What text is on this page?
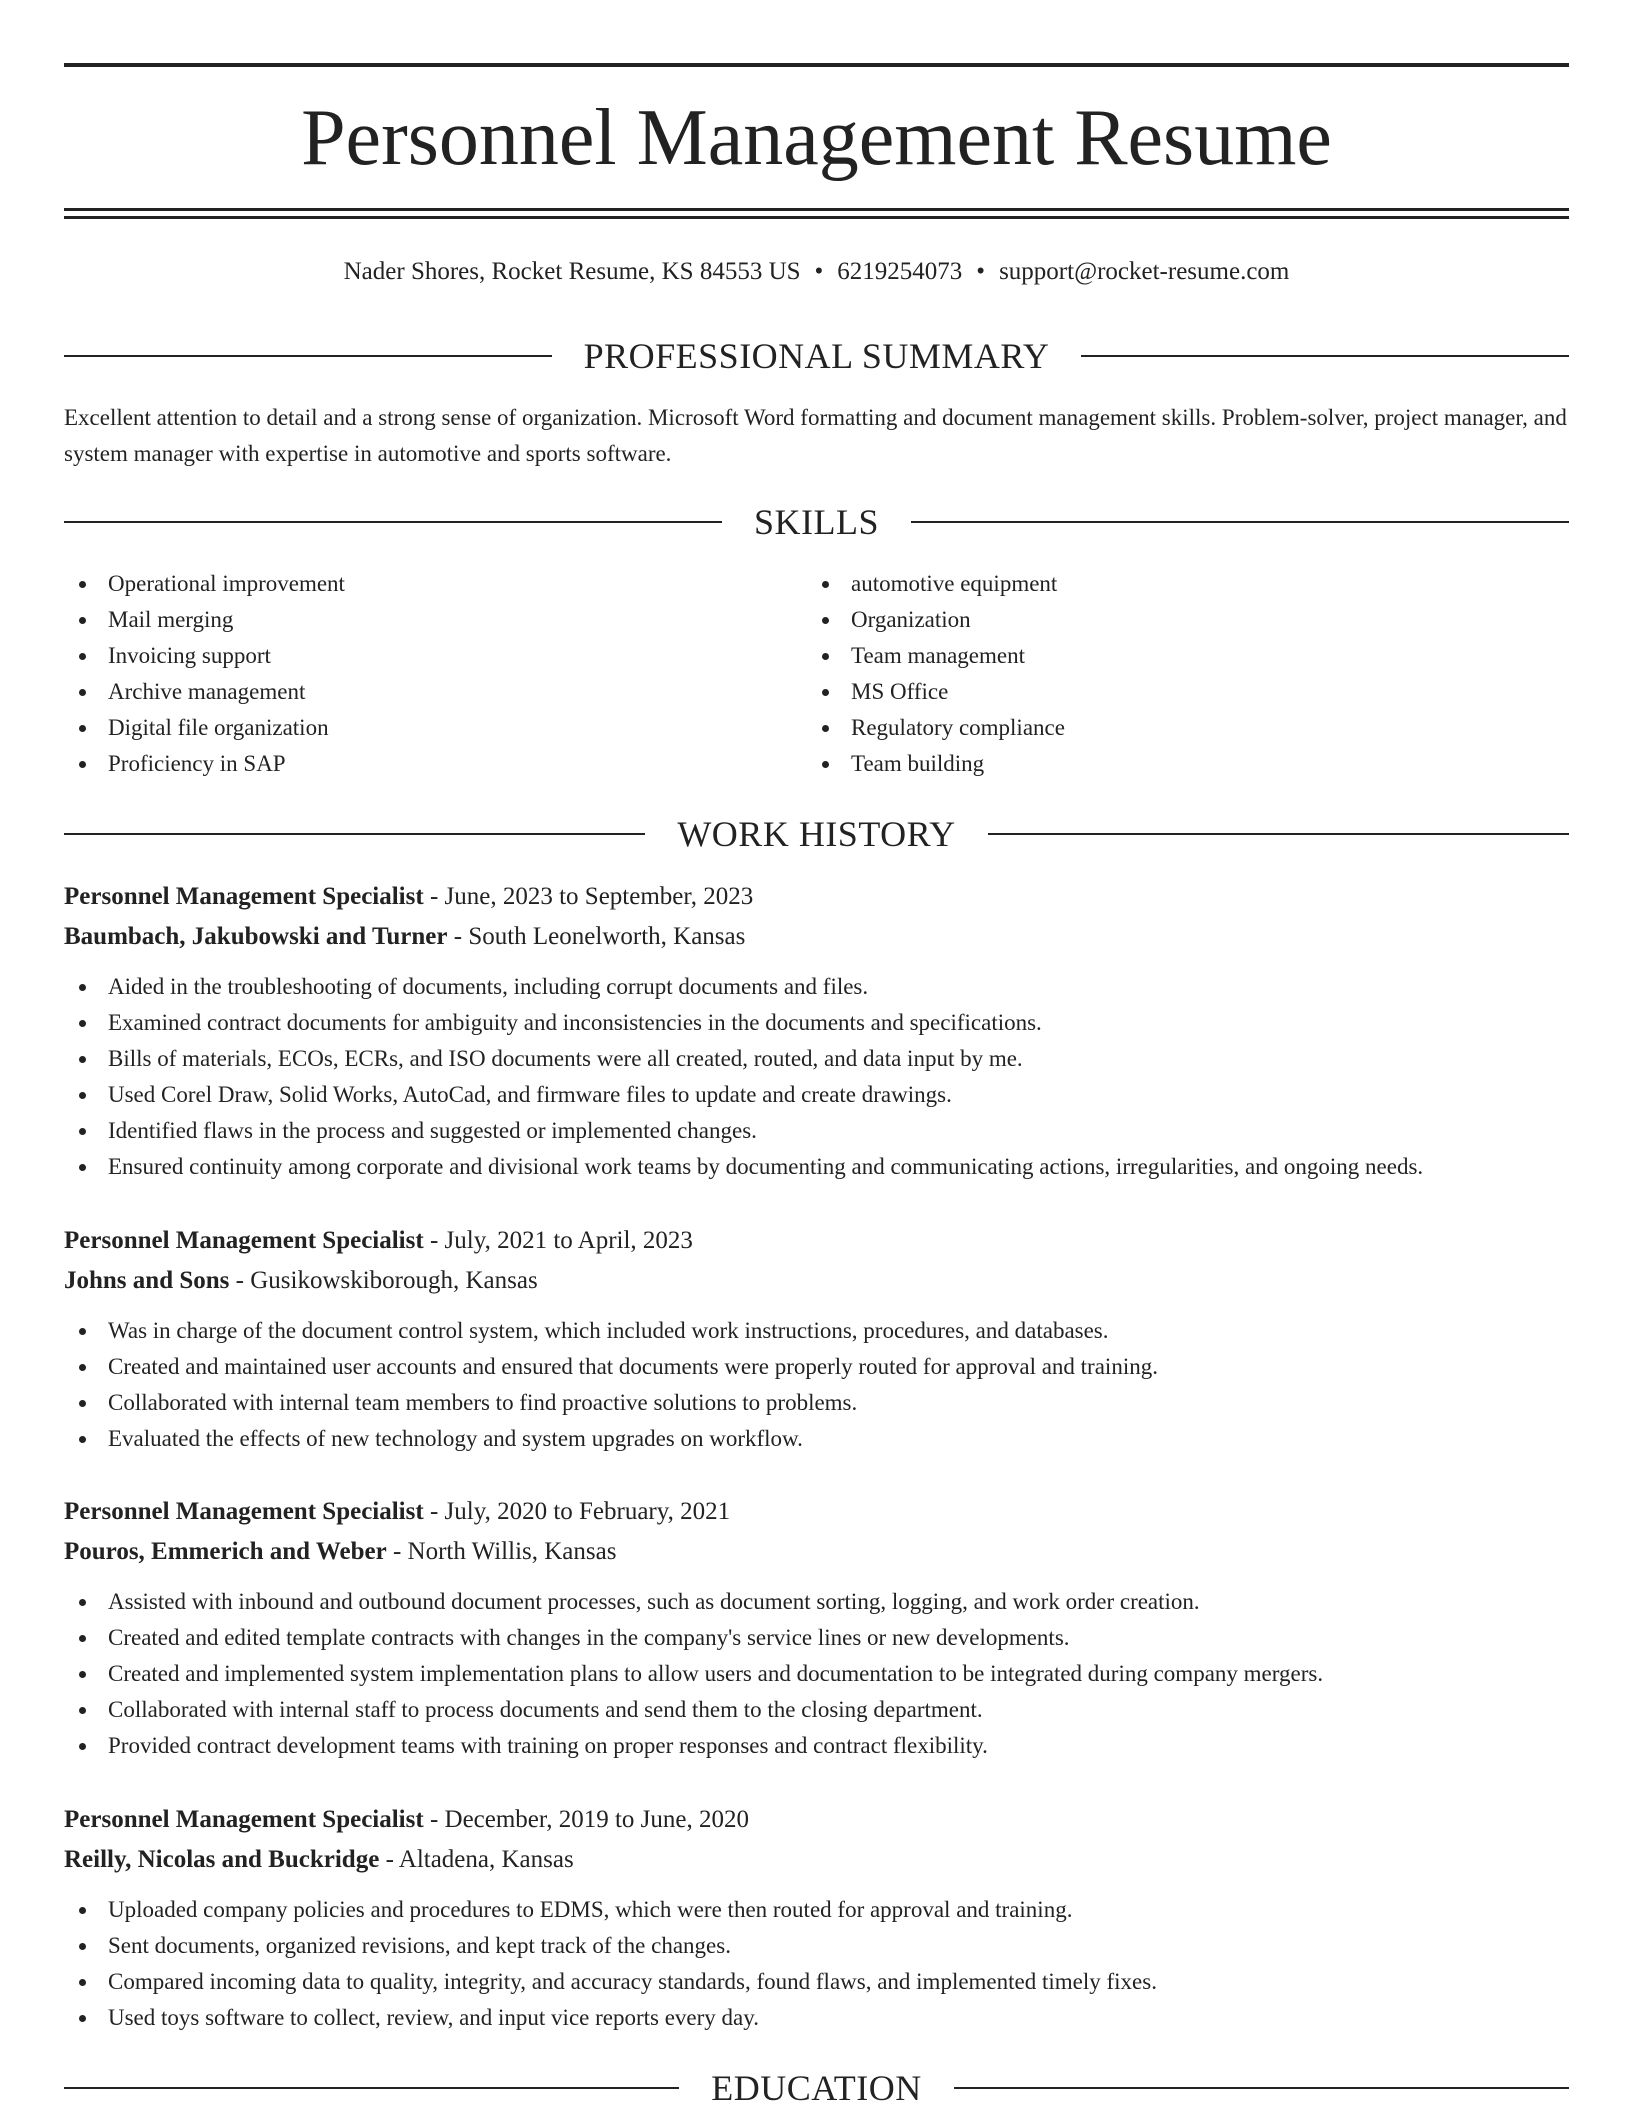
Personnel Management Resume
Nader Shores, Rocket Resume, KS 84553 US • 6219254073 • support@rocket-resume.com
PROFESSIONAL SUMMARY

Excellent attention to detail and a strong sense of organization. Microsoft Word formatting and document management skills. Problem-solver, project manager, and system manager with expertise in automotive and sports software.

SKILLS
Operational improvement
Mail merging
Invoicing support
Archive management
Digital file organization
Proficiency in SAP
automotive equipment
Organization
Team management
MS Office
Regulatory compliance
Team building
WORK HISTORY
Personnel Management Specialist - June, 2023 to September, 2023
Baumbach, Jakubowski and Turner - South Leonelworth, Kansas
Aided in the troubleshooting of documents, including corrupt documents and files.
Examined contract documents for ambiguity and inconsistencies in the documents and specifications.
Bills of materials, ECOs, ECRs, and ISO documents were all created, routed, and data input by me.
Used Corel Draw, Solid Works, AutoCad, and firmware files to update and create drawings.
Identified flaws in the process and suggested or implemented changes.
Ensured continuity among corporate and divisional work teams by documenting and communicating actions, irregularities, and ongoing needs.
Personnel Management Specialist - July, 2021 to April, 2023
Johns and Sons - Gusikowskiborough, Kansas
Was in charge of the document control system, which included work instructions, procedures, and databases.
Created and maintained user accounts and ensured that documents were properly routed for approval and training.
Collaborated with internal team members to find proactive solutions to problems.
Evaluated the effects of new technology and system upgrades on workflow.
Personnel Management Specialist - July, 2020 to February, 2021
Pouros, Emmerich and Weber - North Willis, Kansas
Assisted with inbound and outbound document processes, such as document sorting, logging, and work order creation.
Created and edited template contracts with changes in the company's service lines or new developments.
Created and implemented system implementation plans to allow users and documentation to be integrated during company mergers.
Collaborated with internal staff to process documents and send them to the closing department.
Provided contract development teams with training on proper responses and contract flexibility.
Personnel Management Specialist - December, 2019 to June, 2020
Reilly, Nicolas and Buckridge - Altadena, Kansas
Uploaded company policies and procedures to EDMS, which were then routed for approval and training.
Sent documents, organized revisions, and kept track of the changes.
Compared incoming data to quality, integrity, and accuracy standards, found flaws, and implemented timely fixes.
Used toys software to collect, review, and input vice reports every day.
EDUCATION
